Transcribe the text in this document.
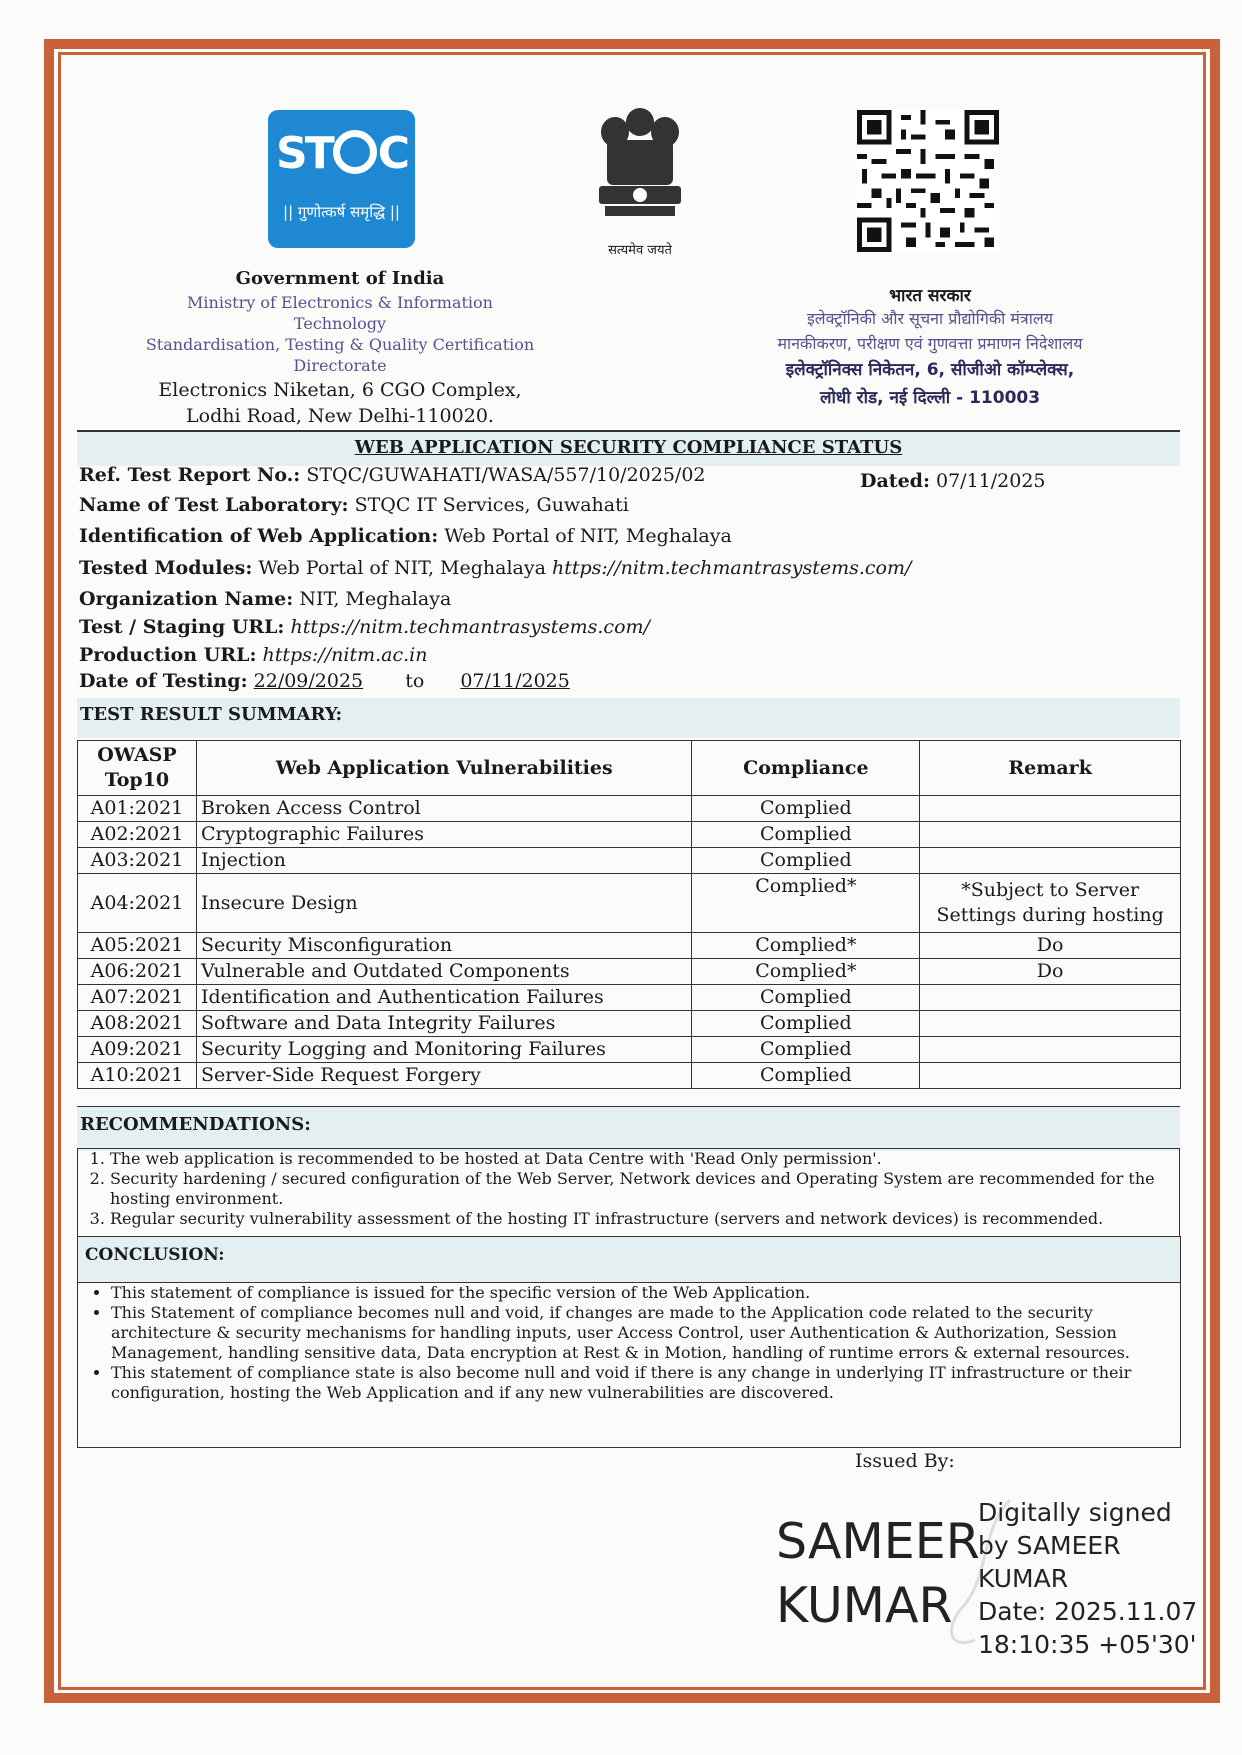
ST C
|| गुणोत्कर्ष समृद्धि ||
सत्यमेव जयते
Government of India
Ministry of Electronics & Information
Technology
Standardisation, Testing & Quality Certification
Directorate
Electronics Niketan, 6 CGO Complex,
Lodhi Road, New Delhi-110020.
भारत सरकार
इलेक्ट्रॉनिकी और सूचना प्रौद्योगिकी मंत्रालय
मानकीकरण, परीक्षण एवं गुणवत्ता प्रमाणन निदेशालय
इलेक्ट्रॉनिक्स निकेतन, 6, सीजीओ कॉम्प्लेक्स,
लोधी रोड, नई दिल्ली - 110003
WEB APPLICATION SECURITY COMPLIANCE STATUS
Ref. Test Report No.: STQC/GUWAHATI/WASA/557/10/2025/02	Dated: 07/11/2025
Name of Test Laboratory: STQC IT Services, Guwahati
Identification of Web Application: Web Portal of NIT, Meghalaya
Tested Modules: Web Portal of NIT, Meghalaya https://nitm.techmantrasystems.com/
Organization Name: NIT, Meghalaya
Test / Staging URL: https://nitm.techmantrasystems.com/
Production URL: https://nitm.ac.in
Date of Testing: 22/09/2025 to 07/11/2025
TEST RESULT SUMMARY:
OWASP Top10	Web Application Vulnerabilities	Compliance	Remark
A01:2021	Broken Access Control	Complied	
A02:2021	Cryptographic Failures	Complied	
A03:2021	Injection	Complied	
A04:2021	Insecure Design	Complied*	*Subject to Server Settings during hosting
A05:2021	Security Misconfiguration	Complied*	Do
A06:2021	Vulnerable and Outdated Components	Complied*	Do
A07:2021	Identification and Authentication Failures	Complied	
A08:2021	Software and Data Integrity Failures	Complied	
A09:2021	Security Logging and Monitoring Failures	Complied	
A10:2021	Server-Side Request Forgery	Complied	
RECOMMENDATIONS:
1. The web application is recommended to be hosted at Data Centre with 'Read Only permission'.
2. Security hardening / secured configuration of the Web Server, Network devices and Operating System are recommended for the hosting environment.
3. Regular security vulnerability assessment of the hosting IT infrastructure (servers and network devices) is recommended.
CONCLUSION:
• This statement of compliance is issued for the specific version of the Web Application.
• This Statement of compliance becomes null and void, if changes are made to the Application code related to the security architecture & security mechanisms for handling inputs, user Access Control, user Authentication & Authorization, Session Management, handling sensitive data, Data encryption at Rest & in Motion, handling of runtime errors & external resources.
• This statement of compliance state is also become null and void if there is any change in underlying IT infrastructure or their configuration, hosting the Web Application and if any new vulnerabilities are discovered.
Issued By:
SAMEER
KUMAR
Digitally signed
by SAMEER
KUMAR
Date: 2025.11.07
18:10:35 +05'30'
